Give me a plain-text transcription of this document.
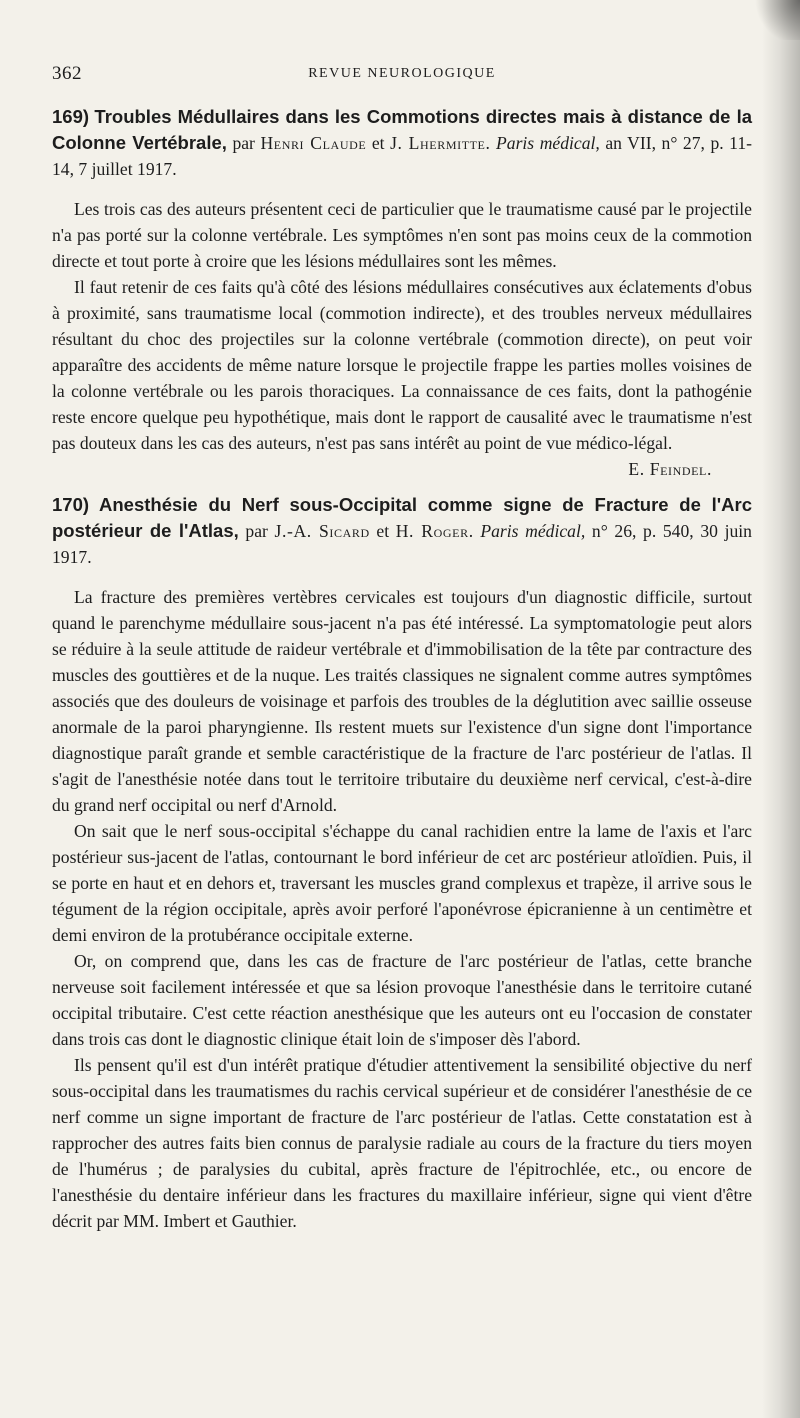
362	REVUE NEUROLOGIQUE

169) Troubles Médullaires dans les Commotions directes mais à distance de la Colonne Vertébrale, par Henri Claude et J. Lhermitte. Paris médical, an VII, n° 27, p. 11-14, 7 juillet 1917.

Les trois cas des auteurs présentent ceci de particulier que le traumatisme causé par le projectile n'a pas porté sur la colonne vertébrale. Les symptômes n'en sont pas moins ceux de la commotion directe et tout porte à croire que les lésions médullaires sont les mêmes.

Il faut retenir de ces faits qu'à côté des lésions médullaires consécutives aux éclatements d'obus à proximité, sans traumatisme local (commotion indirecte), et des troubles nerveux médullaires résultant du choc des projectiles sur la colonne vertébrale (commotion directe), on peut voir apparaître des accidents de même nature lorsque le projectile frappe les parties molles voisines de la colonne vertébrale ou les parois thoraciques. La connaissance de ces faits, dont la pathogénie reste encore quelque peu hypothétique, mais dont le rapport de causalité avec le traumatisme n'est pas douteux dans les cas des auteurs, n'est pas sans intérêt au point de vue médico-légal.

E. Feindel.

170) Anesthésie du Nerf sous-Occipital comme signe de Fracture de l'Arc postérieur de l'Atlas, par J.-A. Sicard et H. Roger. Paris médical, n° 26, p. 540, 30 juin 1917.

La fracture des premières vertèbres cervicales est toujours d'un diagnostic difficile, surtout quand le parenchyme médullaire sous-jacent n'a pas été intéressé. La symptomatologie peut alors se réduire à la seule attitude de raideur vertébrale et d'immobilisation de la tête par contracture des muscles des gouttières et de la nuque. Les traités classiques ne signalent comme autres symptômes associés que des douleurs de voisinage et parfois des troubles de la déglutition avec saillie osseuse anormale de la paroi pharyngienne. Ils restent muets sur l'existence d'un signe dont l'importance diagnostique paraît grande et semble caractéristique de la fracture de l'arc postérieur de l'atlas. Il s'agit de l'anesthésie notée dans tout le territoire tributaire du deuxième nerf cervical, c'est-à-dire du grand nerf occipital ou nerf d'Arnold.

On sait que le nerf sous-occipital s'échappe du canal rachidien entre la lame de l'axis et l'arc postérieur sus-jacent de l'atlas, contournant le bord inférieur de cet arc postérieur atloïdien. Puis, il se porte en haut et en dehors et, traversant les muscles grand complexus et trapèze, il arrive sous le tégument de la région occipitale, après avoir perforé l'aponévrose épicranienne à un centimètre et demi environ de la protubérance occipitale externe.

Or, on comprend que, dans les cas de fracture de l'arc postérieur de l'atlas, cette branche nerveuse soit facilement intéressée et que sa lésion provoque l'anesthésie dans le territoire cutané occipital tributaire. C'est cette réaction anesthésique que les auteurs ont eu l'occasion de constater dans trois cas dont le diagnostic clinique était loin de s'imposer dès l'abord.

Ils pensent qu'il est d'un intérêt pratique d'étudier attentivement la sensibilité objective du nerf sous-occipital dans les traumatismes du rachis cervical supérieur et de considérer l'anesthésie de ce nerf comme un signe important de fracture de l'arc postérieur de l'atlas. Cette constatation est à rapprocher des autres faits bien connus de paralysie radiale au cours de la fracture du tiers moyen de l'humérus ; de paralysies du cubital, après fracture de l'épitrochlée, etc., ou encore de l'anesthésie du dentaire inférieur dans les fractures du maxillaire inférieur, signe qui vient d'être décrit par MM. Imbert et Gauthier.
